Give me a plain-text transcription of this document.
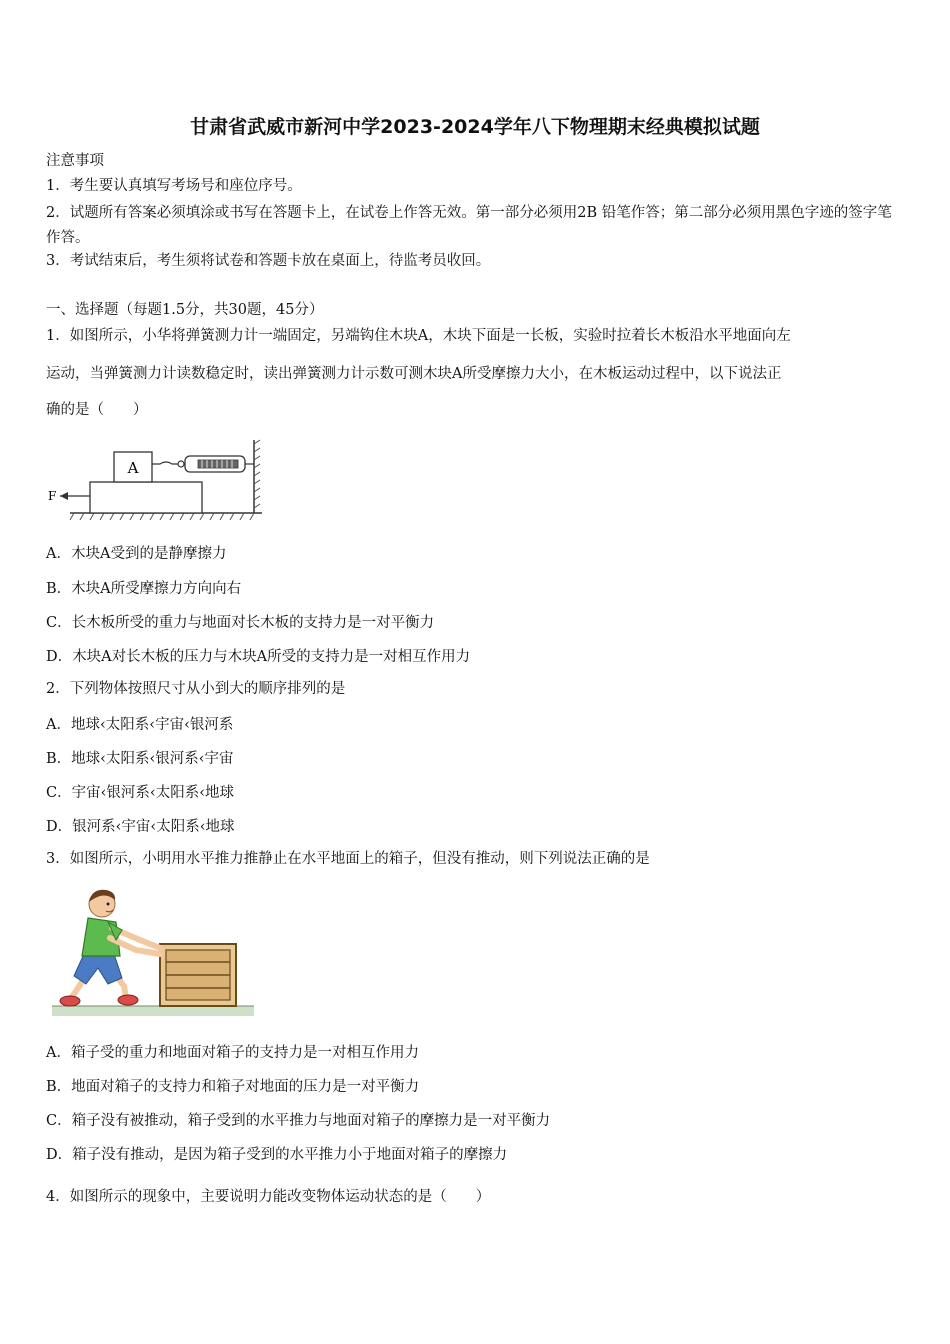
甘肃省武威市新河中学2023-2024学年八下物理期末经典模拟试题
注意事项
1．考生要认真填写考场号和座位序号。
2．试题所有答案必须填涂或书写在答题卡上，在试卷上作答无效。第一部分必须用2B 铅笔作答；第二部分必须用黑色字迹的签字笔作答。
3．考试结束后，考生须将试卷和答题卡放在桌面上，待监考员收回。
一、选择题（每题1.5分，共30题，45分）
1．如图所示，小华将弹簧测力计一端固定，另端钩住木块A，木块下面是一长板，实验时拉着长木板沿水平地面向左
运动，当弹簧测力计读数稳定时，读出弹簧测力计示数可测木块A所受摩擦力大小，在木板运动过程中，以下说法正
确的是（　　）
A
F
A．木块A受到的是静摩擦力
B．木块A所受摩擦力方向向右
C．长木板所受的重力与地面对长木板的支持力是一对平衡力
D．木块A对长木板的压力与木块A所受的支持力是一对相互作用力
2．下列物体按照尺寸从小到大的顺序排列的是
A．地球‹太阳系‹宇宙‹银河系
B．地球‹太阳系‹银河系‹宇宙
C．宇宙‹银河系‹太阳系‹地球
D．银河系‹宇宙‹太阳系‹地球
3．如图所示，小明用水平推力推静止在水平地面上的箱子，但没有推动，则下列说法正确的是
A．箱子受的重力和地面对箱子的支持力是一对相互作用力
B．地面对箱子的支持力和箱子对地面的压力是一对平衡力
C．箱子没有被推动，箱子受到的水平推力与地面对箱子的摩擦力是一对平衡力
D．箱子没有推动，是因为箱子受到的水平推力小于地面对箱子的摩擦力
4．如图所示的现象中，主要说明力能改变物体运动状态的是（　　）
